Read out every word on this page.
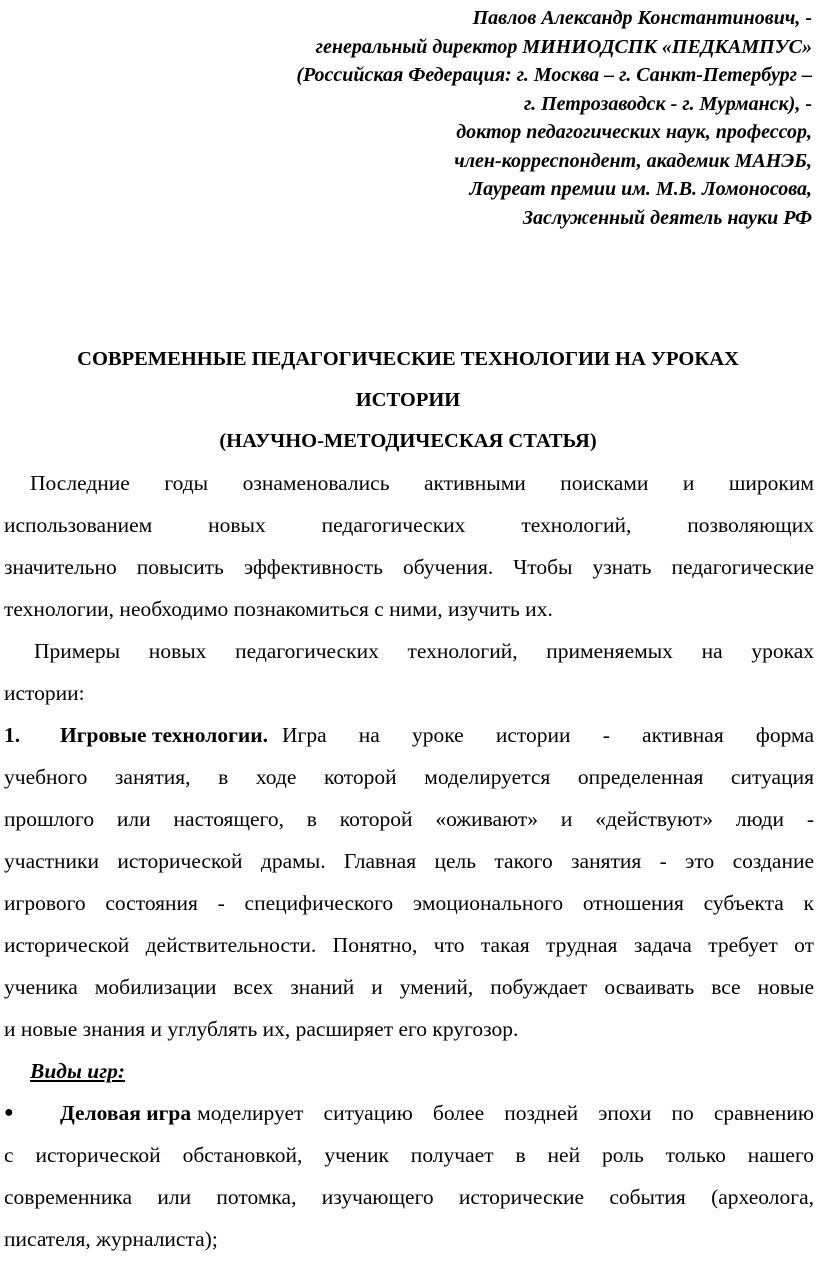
Павлов Александр Константинович, -
генеральный директор МИНИОДСПК «ПЕДКАМПУС»
(Российская Федерация: г. Москва – г. Санкт-Петербург –
г. Петрозаводск - г. Мурманск), -
доктор педагогических наук, профессор,
член-корреспондент, академик МАНЭБ,
Лауреат премии им. М.В. Ломоносова,
Заслуженный деятель науки РФ
СОВРЕМЕННЫЕ ПЕДАГОГИЧЕСКИЕ ТЕХНОЛОГИИ НА УРОКАХ
ИСТОРИИ
(НАУЧНО-МЕТОДИЧЕСКАЯ СТАТЬЯ)
Последние годы ознаменовались активными поисками и широким
использованием новых педагогических технологий, позволяющих
значительно повысить эффективность обучения. Чтобы узнать педагогические
технологии, необходимо познакомиться с ними, изучить их.
Примеры новых педагогических технологий, применяемых на уроках
истории:
1.	Игровые технологии. Игра на уроке истории - активная форма
учебного занятия, в ходе которой моделируется определенная ситуация
прошлого или настоящего, в которой «оживают» и «действуют» люди -
участники исторической драмы. Главная цель такого занятия - это создание
игрового состояния - специфического эмоционального отношения субъекта к
исторической действительности. Понятно, что такая трудная задача требует от
ученика мобилизации всех знаний и умений, побуждает осваивать все новые
и новые знания и углублять их, расширяет его кругозор.
Виды игр:
●	Деловая игра моделирует ситуацию более поздней эпохи по сравнению
с исторической обстановкой, ученик получает в ней роль только нашего
современника или потомка, изучающего исторические события (археолога,
писателя, журналиста);
